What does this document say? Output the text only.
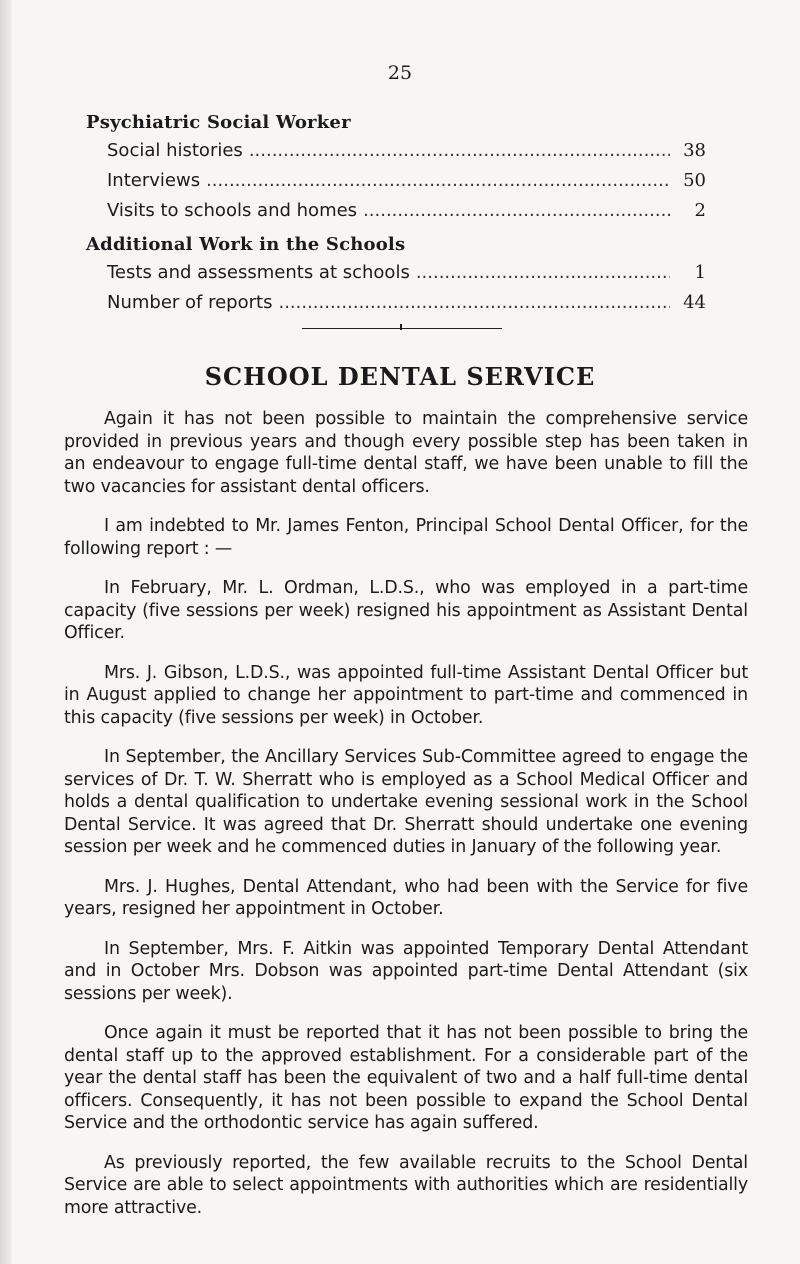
25
Psychiatric Social Worker
Social histories .....	38
Interviews .....	50
Visits to schools and homes .....	2
Additional Work in the Schools
Tests and assessments at schools .....	1
Number of reports .....	44
SCHOOL DENTAL SERVICE

Again it has not been possible to maintain the comprehensive service provided in previous years and though every possible step has been taken in an endeavour to engage full-time dental staff, we have been unable to fill the two vacancies for assistant dental officers.

I am indebted to Mr. James Fenton, Principal School Dental Officer, for the following report : —

In February, Mr. L. Ordman, L.D.S., who was employed in a part-time capacity (five sessions per week) resigned his appointment as Assistant Dental Officer.

Mrs. J. Gibson, L.D.S., was appointed full-time Assistant Dental Officer but in August applied to change her appointment to part-time and commenced in this capacity (five sessions per week) in October.

In September, the Ancillary Services Sub-Committee agreed to engage the services of Dr. T. W. Sherratt who is employed as a School Medical Officer and holds a dental qualification to undertake evening sessional work in the School Dental Service. It was agreed that Dr. Sherratt should undertake one evening session per week and he commenced duties in January of the following year.

Mrs. J. Hughes, Dental Attendant, who had been with the Service for five years, resigned her appointment in October.

In September, Mrs. F. Aitkin was appointed Temporary Dental Attendant and in October Mrs. Dobson was appointed part-time Dental Attendant (six sessions per week).

Once again it must be reported that it has not been possible to bring the dental staff up to the approved establishment. For a considerable part of the year the dental staff has been the equivalent of two and a half full-time dental officers. Consequently, it has not been possible to expand the School Dental Service and the orthodontic service has again suffered.

As previously reported, the few available recruits to the School Dental Service are able to select appointments with authorities which are residentially more attractive.
